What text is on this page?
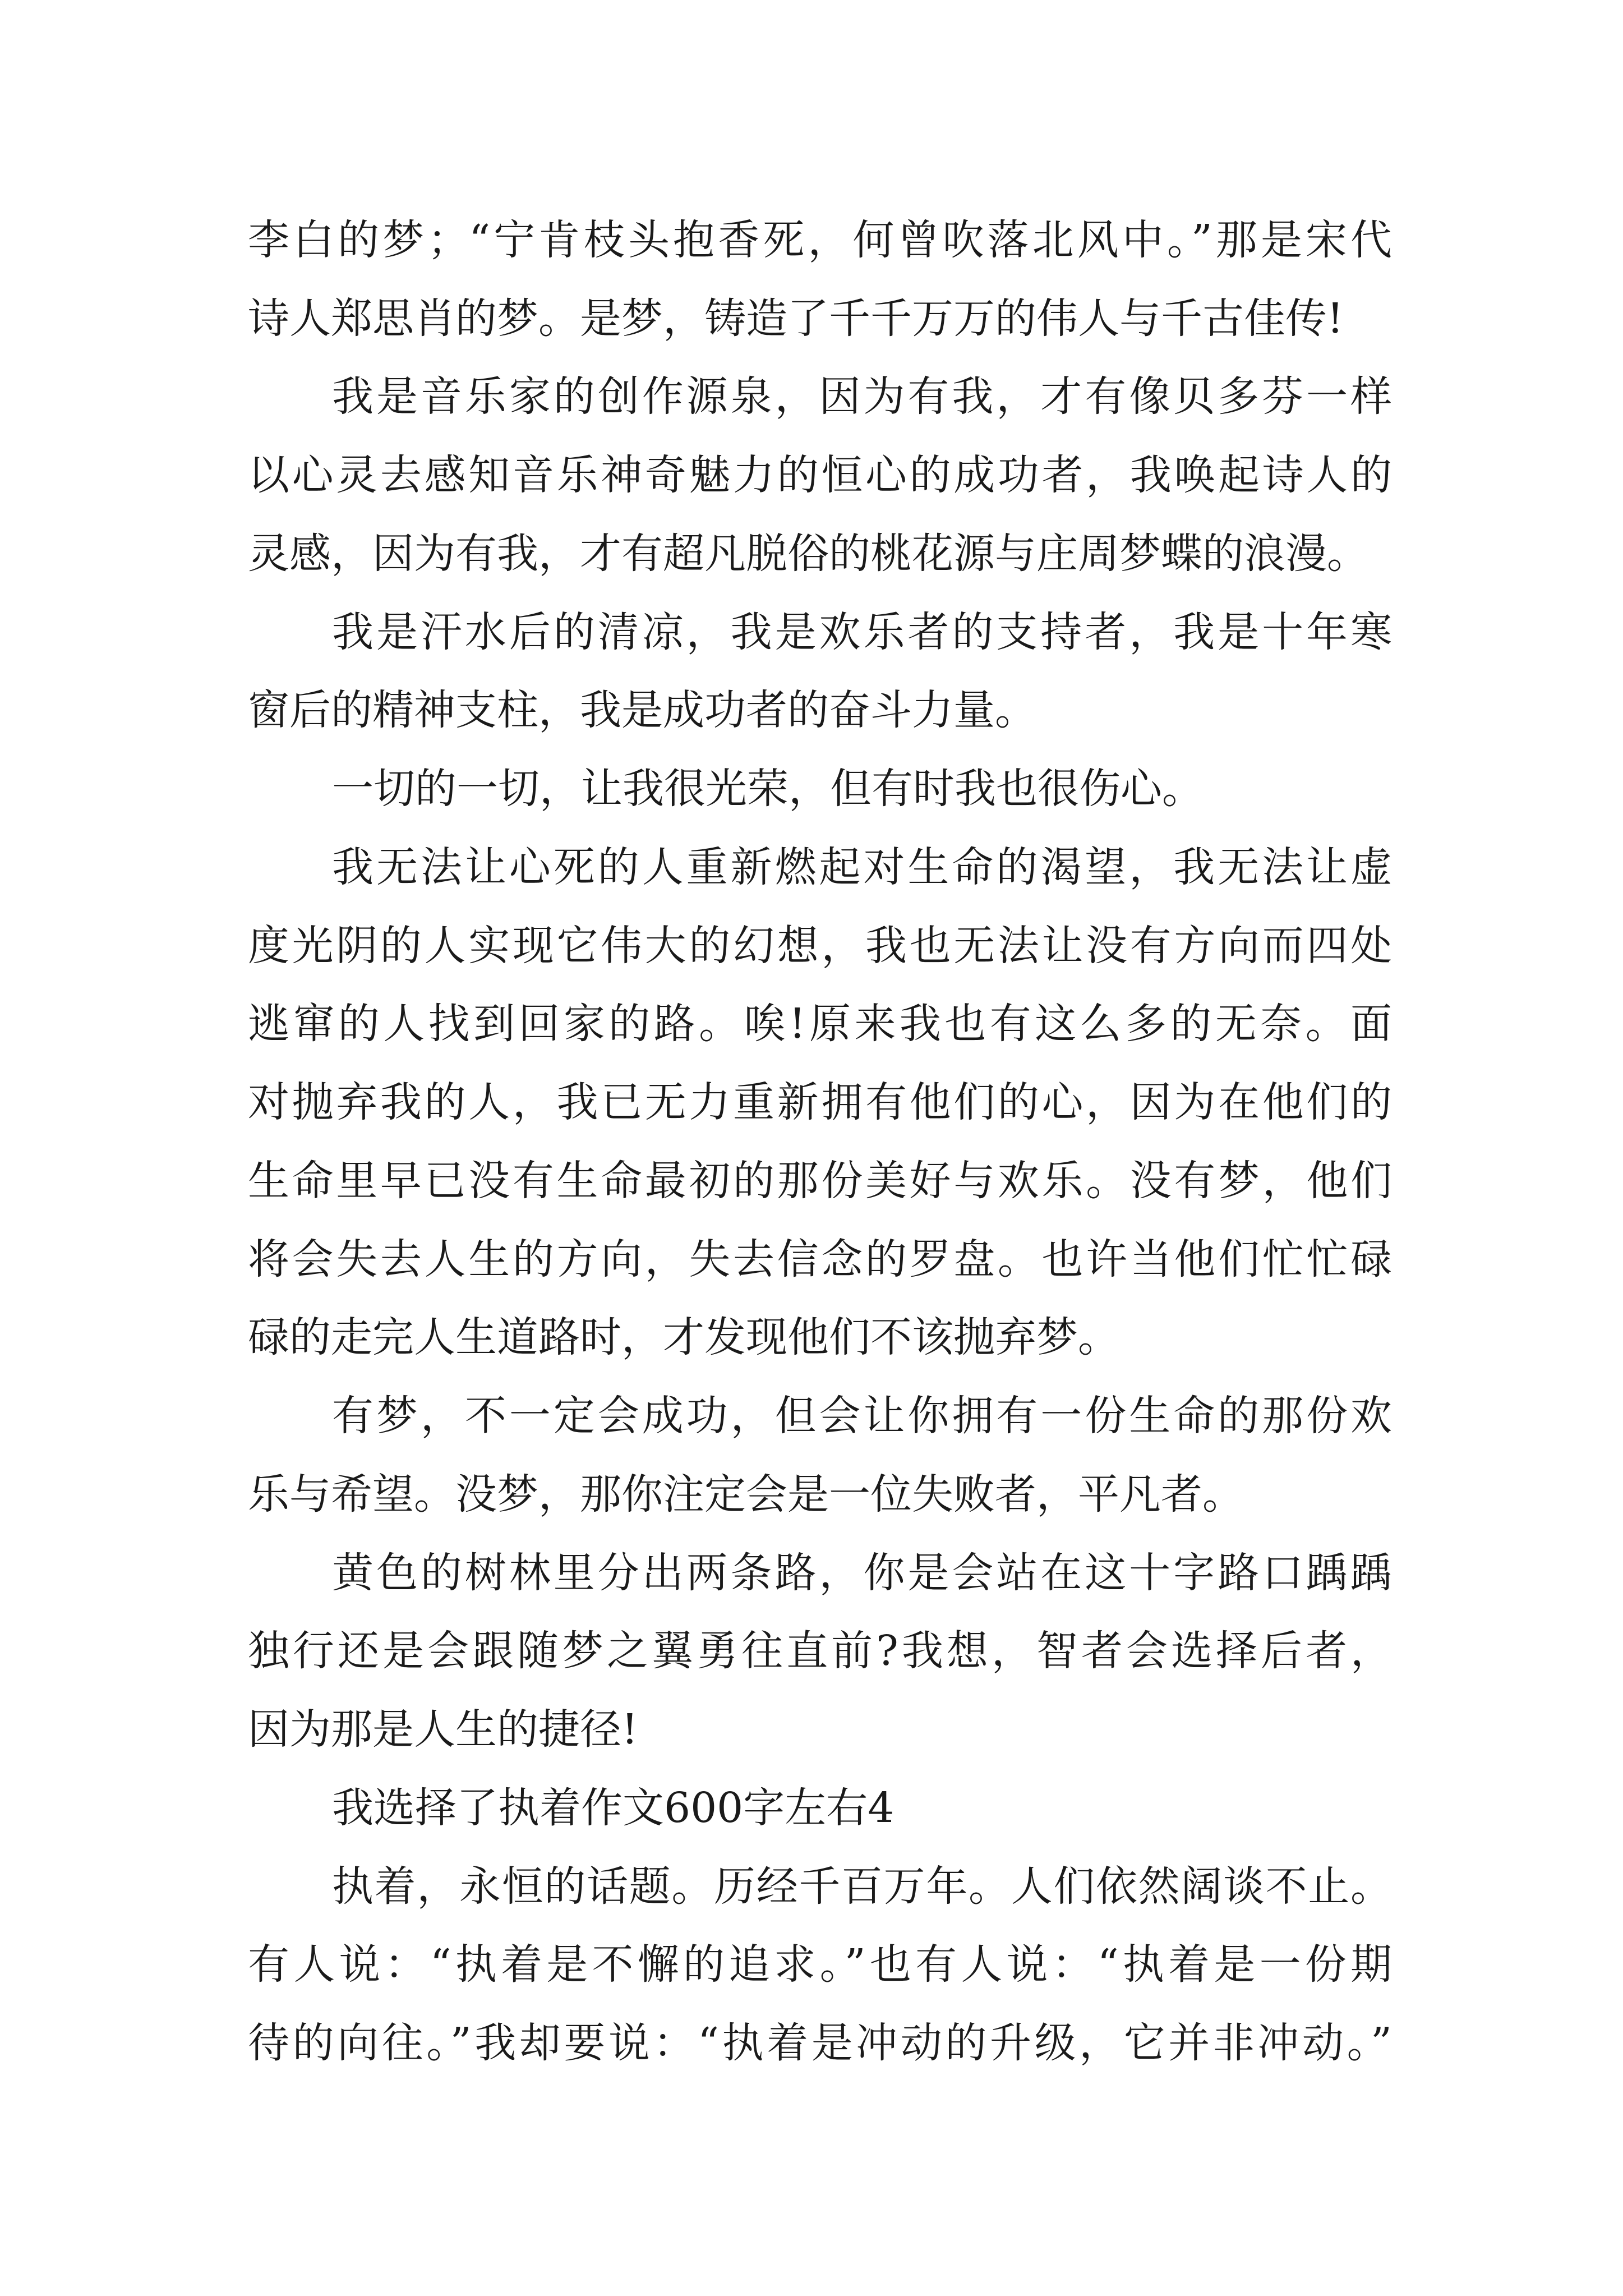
李白的梦；“宁肯枝头抱香死，何曾吹落北风中。”那是宋代
诗人郑思肖的梦。是梦，铸造了千千万万的伟人与千古佳传!
我是音乐家的创作源泉，因为有我，才有像贝多芬一样
以心灵去感知音乐神奇魅力的恒心的成功者，我唤起诗人的
灵感，因为有我，才有超凡脱俗的桃花源与庄周梦蝶的浪漫。
我是汗水后的清凉，我是欢乐者的支持者，我是十年寒
窗后的精神支柱，我是成功者的奋斗力量。
一切的一切，让我很光荣，但有时我也很伤心。
我无法让心死的人重新燃起对生命的渴望，我无法让虚
度光阴的人实现它伟大的幻想，我也无法让没有方向而四处
逃窜的人找到回家的路。唉!原来我也有这么多的无奈。面
对抛弃我的人，我已无力重新拥有他们的心，因为在他们的
生命里早已没有生命最初的那份美好与欢乐。没有梦，他们
将会失去人生的方向，失去信念的罗盘。也许当他们忙忙碌
碌的走完人生道路时，才发现他们不该抛弃梦。
有梦，不一定会成功，但会让你拥有一份生命的那份欢
乐与希望。没梦，那你注定会是一位失败者，平凡者。
黄色的树林里分出两条路，你是会站在这十字路口踽踽
独行还是会跟随梦之翼勇往直前?我想，智者会选择后者，
因为那是人生的捷径!
我选择了执着作文600字左右4
执着，永恒的话题。历经千百万年。人们依然阔谈不止。
有人说：“执着是不懈的追求。”也有人说：“执着是一份期
待的向往。”我却要说：“执着是冲动的升级，它并非冲动。”
